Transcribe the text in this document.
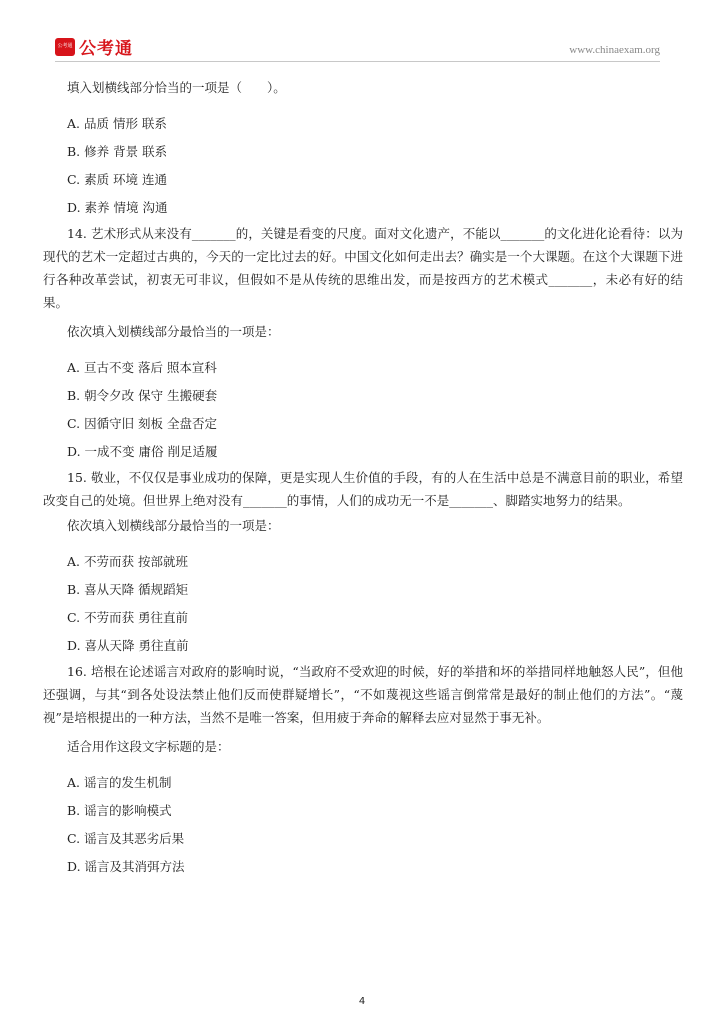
公考通 公考通	www.chinaexam.org
填入划横线部分恰当的一项是（　　）。
A. 品质 情形 联系
B. 修养 背景 联系
C. 素质 环境 连通
D. 素养 情境 沟通

14. 艺术形式从来没有_______的，关键是看变的尺度。面对文化遗产，不能以_______的文化进化论看待：以为现代的艺术一定超过古典的，今天的一定比过去的好。中国文化如何走出去？确实是一个大课题。在这个大课题下进行各种改革尝试，初衷无可非议，但假如不是从传统的思维出发，而是按西方的艺术模式_______，未必有好的结果。

依次填入划横线部分最恰当的一项是：
A. 亘古不变 落后 照本宣科
B. 朝令夕改 保守 生搬硬套
C. 因循守旧 刻板 全盘否定
D. 一成不变 庸俗 削足适履

15. 敬业，不仅仅是事业成功的保障，更是实现人生价值的手段，有的人在生活中总是不满意目前的职业，希望改变自己的处境。但世界上绝对没有_______的事情，人们的成功无一不是_______、脚踏实地努力的结果。

依次填入划横线部分最恰当的一项是：
A. 不劳而获 按部就班
B. 喜从天降 循规蹈矩
C. 不劳而获 勇往直前
D. 喜从天降 勇往直前

16. 培根在论述谣言对政府的影响时说，“当政府不受欢迎的时候，好的举措和坏的举措同样地触怒人民”，但他还强调，与其“到各处设法禁止他们反而使群疑增长”，“不如蔑视这些谣言倒常常是最好的制止他们的方法”。“蔑视”是培根提出的一种方法，当然不是唯一答案，但用疲于奔命的解释去应对显然于事无补。

适合用作这段文字标题的是：
A. 谣言的发生机制
B. 谣言的影响模式
C. 谣言及其恶劣后果
D. 谣言及其消弭方法
4
